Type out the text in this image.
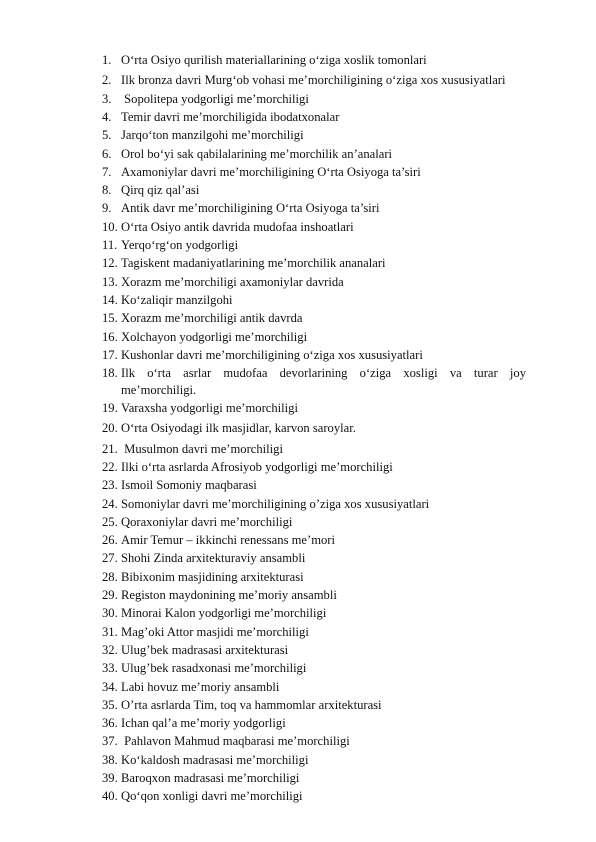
1. O‘rta Osiyo qurilish materiallarining o‘ziga xoslik tomonlari
2. Ilk bronza davri Murg‘ob vohasi me’morchiligining o‘ziga xos xususiyatlari
3. Sopolitepa yodgorligi me’morchiligi
4. Temir davri me’morchiligida ibodatxonalar
5. Jarqo‘ton manzilgohi me’morchiligi
6. Orol bo‘yi sak qabilalarining me’morchilik an’analari
7. Axamoniylar davri me’morchiligining O‘rta Osiyoga ta’siri
8. Qirq qiz qal’asi
9. Antik davr me’morchiligining O‘rta Osiyoga ta’siri
10. O‘rta Osiyo antik davrida mudofaa inshoatlari
11. Yerqo‘rg‘on yodgorligi
12. Tagiskent madaniyatlarining me’morchilik ananalari
13. Xorazm me’morchiligi axamoniylar davrida
14. Ko‘zaliqir manzilgohi
15. Xorazm me’morchiligi antik davrda
16. Xolchayon yodgorligi me’morchiligi
17. Kushonlar davri me’morchiligining o‘ziga xos xususiyatlari
18. Ilk o‘rta asrlar mudofaa devorlarining o‘ziga xosligi va turar joy
me’morchiligi.
19. Varaxsha yodgorligi me’morchiligi
20. O‘rta Osiyodagi ilk masjidlar, karvon saroylar.
21. Musulmon davri me’morchiligi
22. Ilki o‘rta asrlarda Afrosiyob yodgorligi me’morchiligi
23. Ismoil Somoniy maqbarasi
24. Somoniylar davri me’morchiligining o’ziga xos xususiyatlari
25. Qoraxoniylar davri me’morchiligi
26. Amir Temur – ikkinchi renessans me’mori
27. Shohi Zinda arxitekturaviy ansambli
28. Bibixonim masjidining arxitekturasi
29. Registon maydonining me’moriy ansambli
30. Minorai Kalon yodgorligi me’morchiligi
31. Mag’oki Attor masjidi me’morchiligi
32. Ulug’bek madrasasi arxitekturasi
33. Ulug’bek rasadxonasi me’morchiligi
34. Labi hovuz me’moriy ansambli
35. O’rta asrlarda Tim, toq va hammomlar arxitekturasi
36. Ichan qal’a me’moriy yodgorligi
37. Pahlavon Mahmud maqbarasi me’morchiligi
38. Ko‘kaldosh madrasasi me’morchiligi
39. Baroqxon madrasasi me’morchiligi
40. Qo‘qon xonligi davri me’morchiligi
